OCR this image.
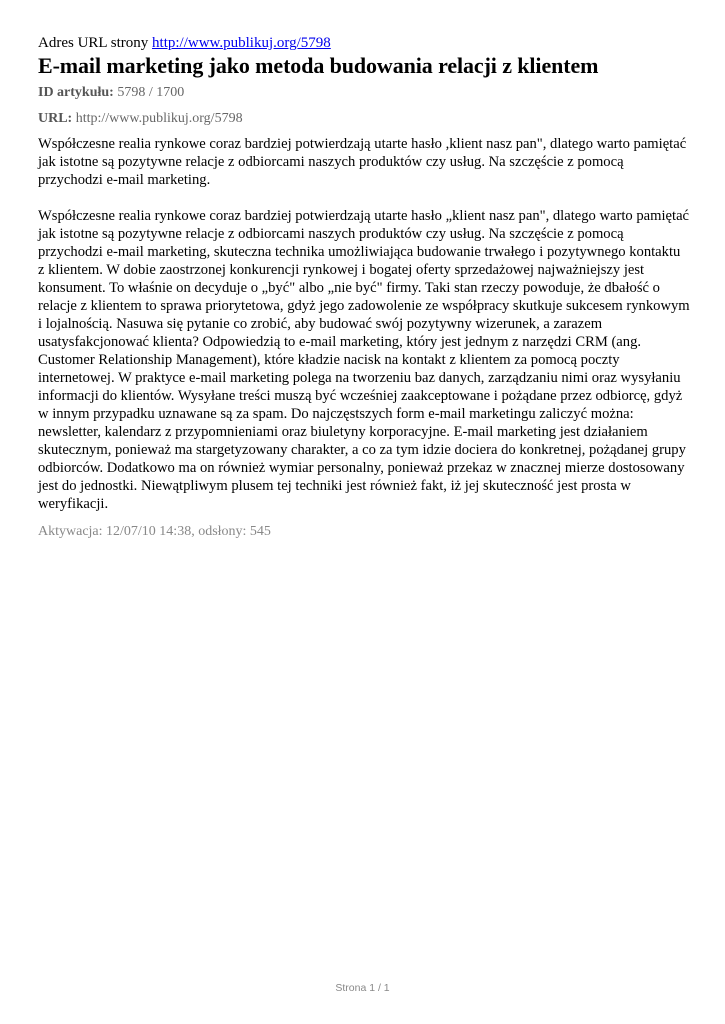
Adres URL strony http://www.publikuj.org/5798

E-mail marketing jako metoda budowania relacji z klientem

ID artykułu: 5798 / 1700

URL: http://www.publikuj.org/5798

Współczesne realia rynkowe coraz bardziej potwierdzają utarte hasło ,klient nasz pan", dlatego warto pamiętać jak istotne są pozytywne relacje z odbiorcami naszych produktów czy usług. Na szczęście z pomocą przychodzi e-mail marketing.

Współczesne realia rynkowe coraz bardziej potwierdzają utarte hasło „klient nasz pan", dlatego warto pamiętać jak istotne są pozytywne relacje z odbiorcami naszych produktów czy usług. Na szczęście z pomocą przychodzi e-mail marketing, skuteczna technika umożliwiająca budowanie trwałego i pozytywnego kontaktu z klientem. W dobie zaostrzonej konkurencji rynkowej i bogatej oferty sprzedażowej najważniejszy jest konsument. To właśnie on decyduje o „być" albo „nie być" firmy. Taki stan rzeczy powoduje, że dbałość o relacje z klientem to sprawa priorytetowa, gdyż jego zadowolenie ze współpracy skutkuje sukcesem rynkowym i lojalnością. Nasuwa się pytanie co zrobić, aby budować swój pozytywny wizerunek, a zarazem usatysfakcjonować klienta? Odpowiedzią to e-mail marketing, który jest jednym z narzędzi CRM (ang. Customer Relationship Management), które kładzie nacisk na kontakt z klientem za pomocą poczty internetowej. W praktyce e-mail marketing polega na tworzeniu baz danych, zarządzaniu nimi oraz wysyłaniu informacji do klientów. Wysyłane treści muszą być wcześniej zaakceptowane i pożądane przez odbiorcę, gdyż w innym przypadku uznawane są za spam. Do najczęstszych form e-mail marketingu zaliczyć można: newsletter, kalendarz z przypomnieniami oraz biuletyny korporacyjne. E-mail marketing jest działaniem skutecznym, ponieważ ma stargetyzowany charakter, a co za tym idzie dociera do konkretnej, pożądanej grupy odbiorców. Dodatkowo ma on również wymiar personalny, ponieważ przekaz w znacznej mierze dostosowany jest do jednostki. Niewątpliwym plusem tej techniki jest również fakt, iż jej skuteczność jest prosta w weryfikacji.

Aktywacja: 12/07/10 14:38, odsłony: 545

Strona 1 / 1
